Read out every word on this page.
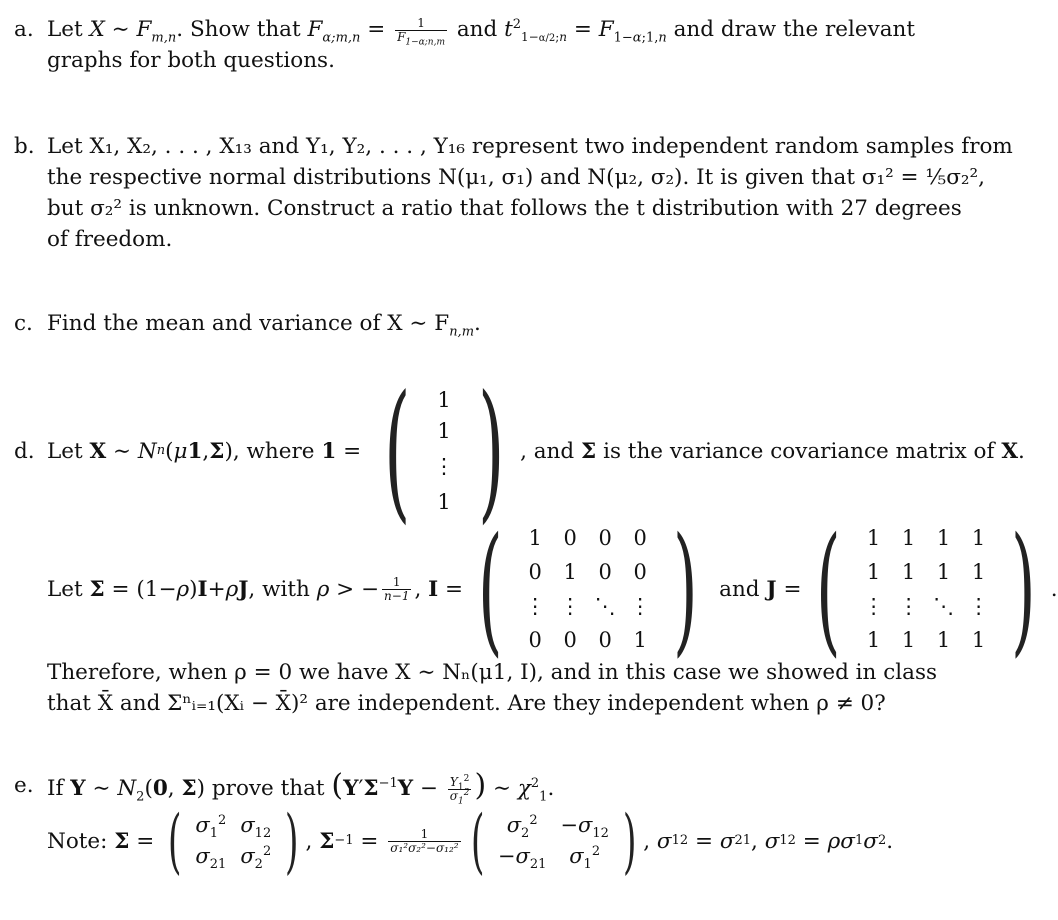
a. Let X ∼ $F_{m,n}$. Show that $F_{\alpha;m,n} = \frac{1}{F_{1-\alpha;n,m}}$ and $t^2_{1-\alpha/2;n} = F_{1-\alpha;1,n}$ and draw the relevant
graphs for both questions.
b. Let X₁, X₂, . . . , X₁₃ and Y₁, Y₂, . . . , Y₁₆ represent two independent random samples from
the respective normal distributions N(μ₁, σ₁) and N(μ₂, σ₂). It is given that σ₁² = ⅕σ₂²,
but σ₂² is unknown. Construct a ratio that follows the t distribution with 27 degrees
of freedom.
c. Find the mean and variance of X ∼ $F_{n,m}$.
d. Let
X ∼ N n ( μ 1 , Σ ) , where
1 = ( 1
1
⋮
1 ) , and
Σ
is the variance covariance matrix of
X .
Let
Σ = (1− ρ ) I + ρ J , with
ρ > − $\frac{1}{n-1}$ , I = ( 1	0	0	0
0	1	0	0
⋮	⋮	⋱	⋮
0	0	0	1 )
and
J = ( 1	1	1	1
1	1	1	1
⋮	⋮	⋱	⋮
1	1	1	1 ) .
Therefore, when ρ = 0 we have X ∼ Nₙ(μ1, I), and in this case we showed in class
that X̄ and Σⁿᵢ₌₁(Xᵢ − X̄)² are independent. Are they independent when ρ ≠ 0?
e. If Y ∼ $N_2(0$, Σ) prove that ($Y'\Sigma^{-1}Y - \frac{Y_1^2}{\sigma_1^2}$ ) ∼ $\chi^2_1$.
Note:
Σ = ( $\sigma_1^2$	$\sigma_{12}$
$\sigma_{21}$	$\sigma_2^2$ ) , $\Sigma -1 = \frac{1}{\text{σ₁²σ₂²−σ₁₂²}}$ ( $\sigma_2^2$	$-\sigma_{12}$
$-\sigma_{21}$	$\sigma_1^2$ ) , σ 12 = σ 21 , σ 12 = ρσ 1 σ 2 .
